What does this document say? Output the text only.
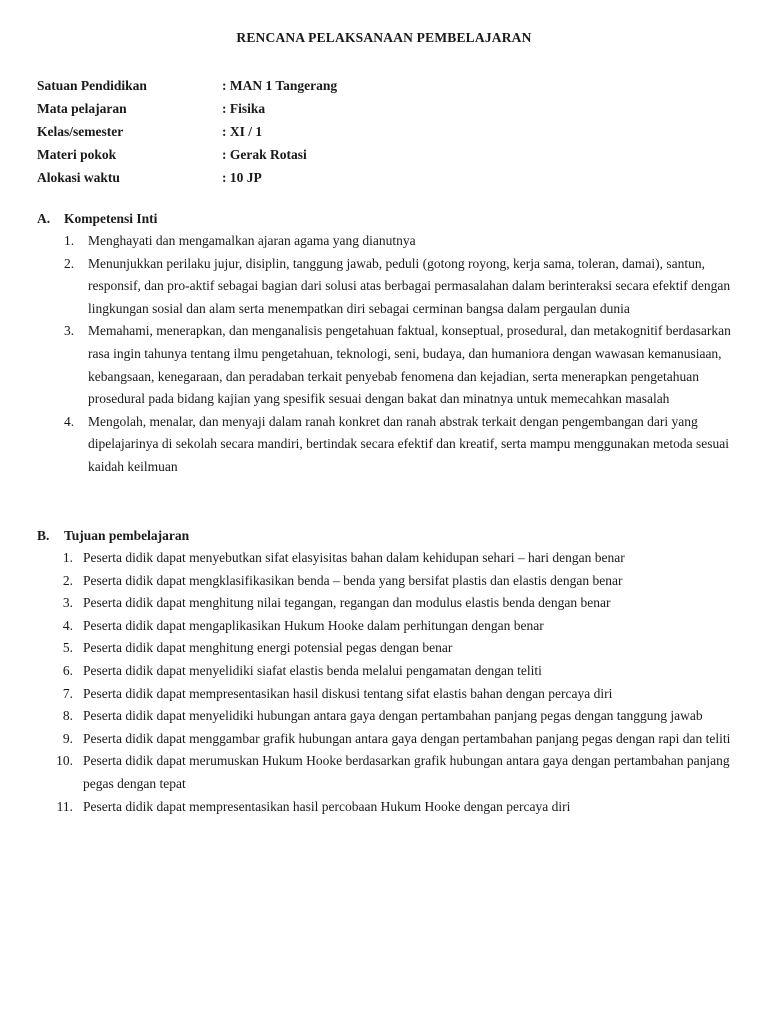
RENCANA PELAKSANAAN PEMBELAJARAN
Satuan Pendidikan	: MAN 1 Tangerang
Mata pelajaran	: Fisika
Kelas/semester	: XI / 1
Materi pokok	: Gerak Rotasi
Alokasi waktu	: 10 JP
A. Kompetensi Inti
1. Menghayati dan mengamalkan ajaran agama yang dianutnya
2. Menunjukkan perilaku jujur, disiplin, tanggung jawab, peduli (gotong royong, kerja sama, toleran, damai), santun, responsif, dan pro-aktif sebagai bagian dari solusi atas berbagai permasalahan dalam berinteraksi secara efektif dengan lingkungan sosial dan alam serta menempatkan diri sebagai cerminan bangsa dalam pergaulan dunia
3. Memahami, menerapkan, dan menganalisis pengetahuan faktual, konseptual, prosedural, dan metakognitif berdasarkan rasa ingin tahunya tentang ilmu pengetahuan, teknologi, seni, budaya, dan humaniora dengan wawasan kemanusiaan, kebangsaan, kenegaraan, dan peradaban terkait penyebab fenomena dan kejadian, serta menerapkan pengetahuan prosedural pada bidang kajian yang spesifik sesuai dengan bakat dan minatnya untuk memecahkan masalah
4. Mengolah, menalar, dan menyaji dalam ranah konkret dan ranah abstrak terkait dengan pengembangan dari yang dipelajarinya di sekolah secara mandiri, bertindak secara efektif dan kreatif, serta mampu menggunakan metoda sesuai kaidah keilmuan
B. Tujuan pembelajaran
1. Peserta didik dapat menyebutkan sifat elasyisitas bahan dalam kehidupan sehari – hari dengan benar
2. Peserta didik dapat mengklasifikasikan benda – benda yang bersifat plastis dan elastis dengan benar
3. Peserta didik dapat menghitung nilai tegangan, regangan dan modulus elastis benda dengan benar
4. Peserta didik dapat mengaplikasikan Hukum Hooke dalam perhitungan dengan benar
5. Peserta didik dapat menghitung energi potensial pegas dengan benar
6. Peserta didik dapat menyelidiki siafat elastis benda melalui pengamatan dengan teliti
7. Peserta didik dapat mempresentasikan hasil diskusi tentang sifat elastis bahan dengan percaya diri
8. Peserta didik dapat menyelidiki hubungan antara gaya dengan pertambahan panjang pegas dengan tanggung jawab
9. Peserta didik dapat menggambar grafik hubungan antara gaya dengan pertambahan panjang pegas dengan rapi dan teliti
10. Peserta didik dapat merumuskan Hukum Hooke berdasarkan grafik hubungan antara gaya dengan pertambahan panjang pegas dengan tepat
11. Peserta didik dapat mempresentasikan hasil percobaan Hukum Hooke dengan percaya diri
